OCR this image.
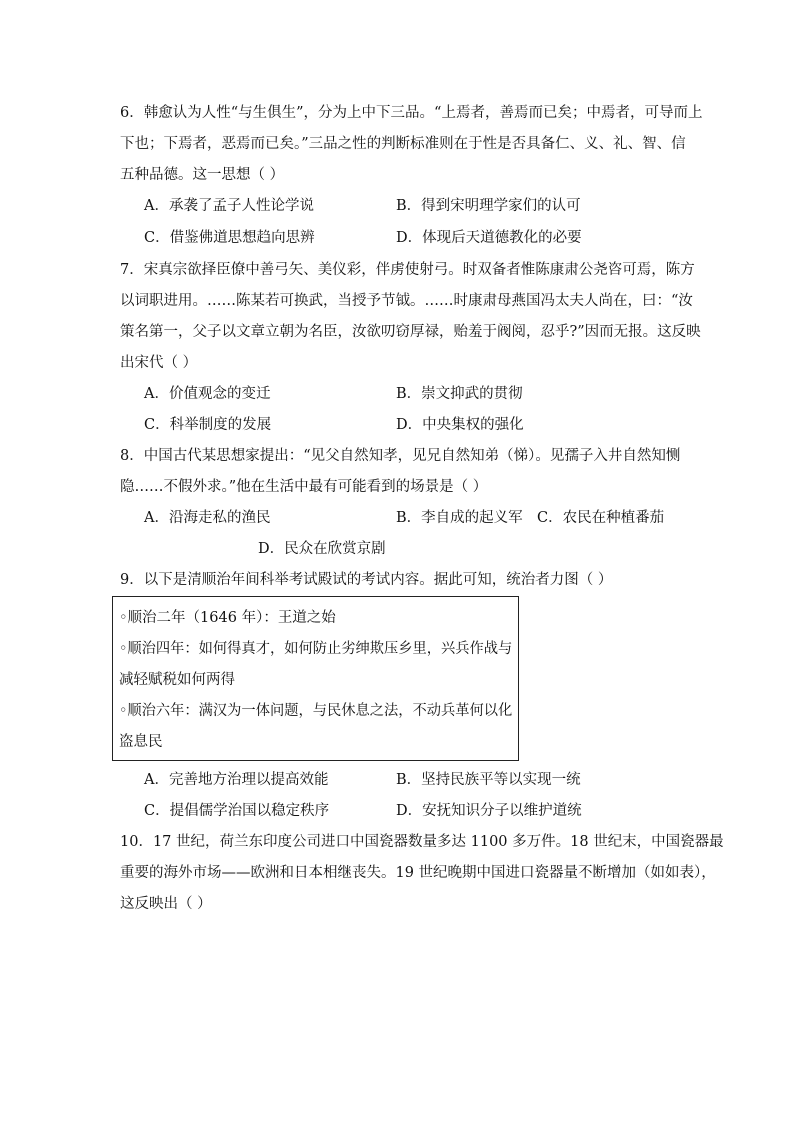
6．韩愈认为人性“与生俱生”，分为上中下三品。“上焉者，善焉而已矣；中焉者，可导而上
下也；下焉者，恶焉而已矣。”三品之性的判断标准则在于性是否具备仁、义、礼、智、信
五种品德。这一思想（ ）
A．承袭了孟子人性论学说	B．得到宋明理学家们的认可
C．借鉴佛道思想趋向思辨	D．体现后天道德教化的必要
7．宋真宗欲择臣僚中善弓矢、美仪彩，伴虏使射弓。时双备者惟陈康肃公尧咨可焉，陈方
以词职进用。……陈某若可换武，当授予节钺。……时康肃母燕国冯太夫人尚在，曰：“汝
策名第一，父子以文章立朝为名臣，汝欲叨窃厚禄，贻羞于阀阅，忍乎?”因而无报。这反映
出宋代（ ）
A．价值观念的变迁	B．崇文抑武的贯彻
C．科举制度的发展	D．中央集权的强化
8．中国古代某思想家提出：“见父自然知孝，见兄自然知弟（悌）。见孺子入井自然知恻
隐……不假外求。”他在生活中最有可能看到的场景是（ ）
A．沿海走私的渔民	B．李自成的起义军 C．农民在种植番茄
D．民众在欣赏京剧
9．以下是清顺治年间科举考试殿试的考试内容。据此可知，统治者力图（ ）
◦顺治二年（1646 年）：王道之始
◦顺治四年：如何得真才，如何防止劣绅欺压乡里，兴兵作战与
减轻赋税如何两得
◦顺治六年：满汉为一体问题，与民休息之法，不动兵革何以化
盗息民
A．完善地方治理以提高效能	B．坚持民族平等以实现一统
C．提倡儒学治国以稳定秩序	D．安抚知识分子以维护道统
10．17 世纪，荷兰东印度公司进口中国瓷器数量多达 1100 多万件。18 世纪末，中国瓷器最
重要的海外市场——欧洲和日本相继丧失。19 世纪晚期中国进口瓷器量不断增加（如如表），
这反映出（ ）
